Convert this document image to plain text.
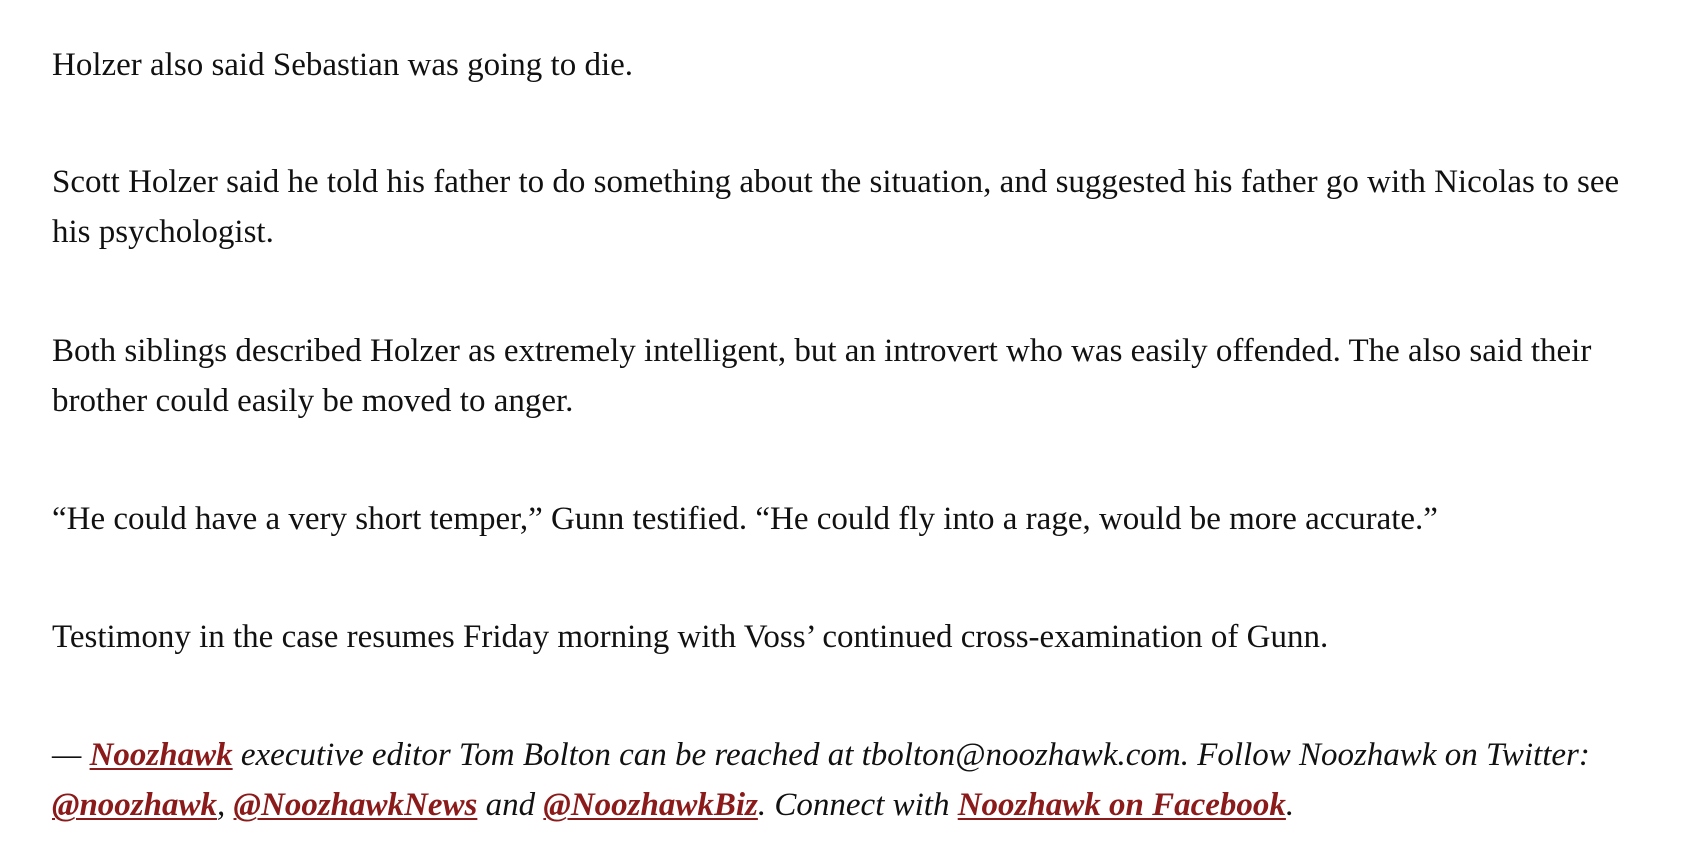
Holzer also said Sebastian was going to die.

Scott Holzer said he told his father to do something about the situation, and suggested his father go with Nicolas to see his psychologist.

Both siblings described Holzer as extremely intelligent, but an introvert who was easily offended. The also said their brother could easily be moved to anger.

“He could have a very short temper,” Gunn testified. “He could fly into a rage, would be more accurate.”

Testimony in the case resumes Friday morning with Voss’ continued cross-examination of Gunn.

— Noozhawk executive editor Tom Bolton can be reached at tbolton@noozhawk.com. Follow Noozhawk on Twitter: @noozhawk, @NoozhawkNews and @NoozhawkBiz. Connect with Noozhawk on Facebook.
